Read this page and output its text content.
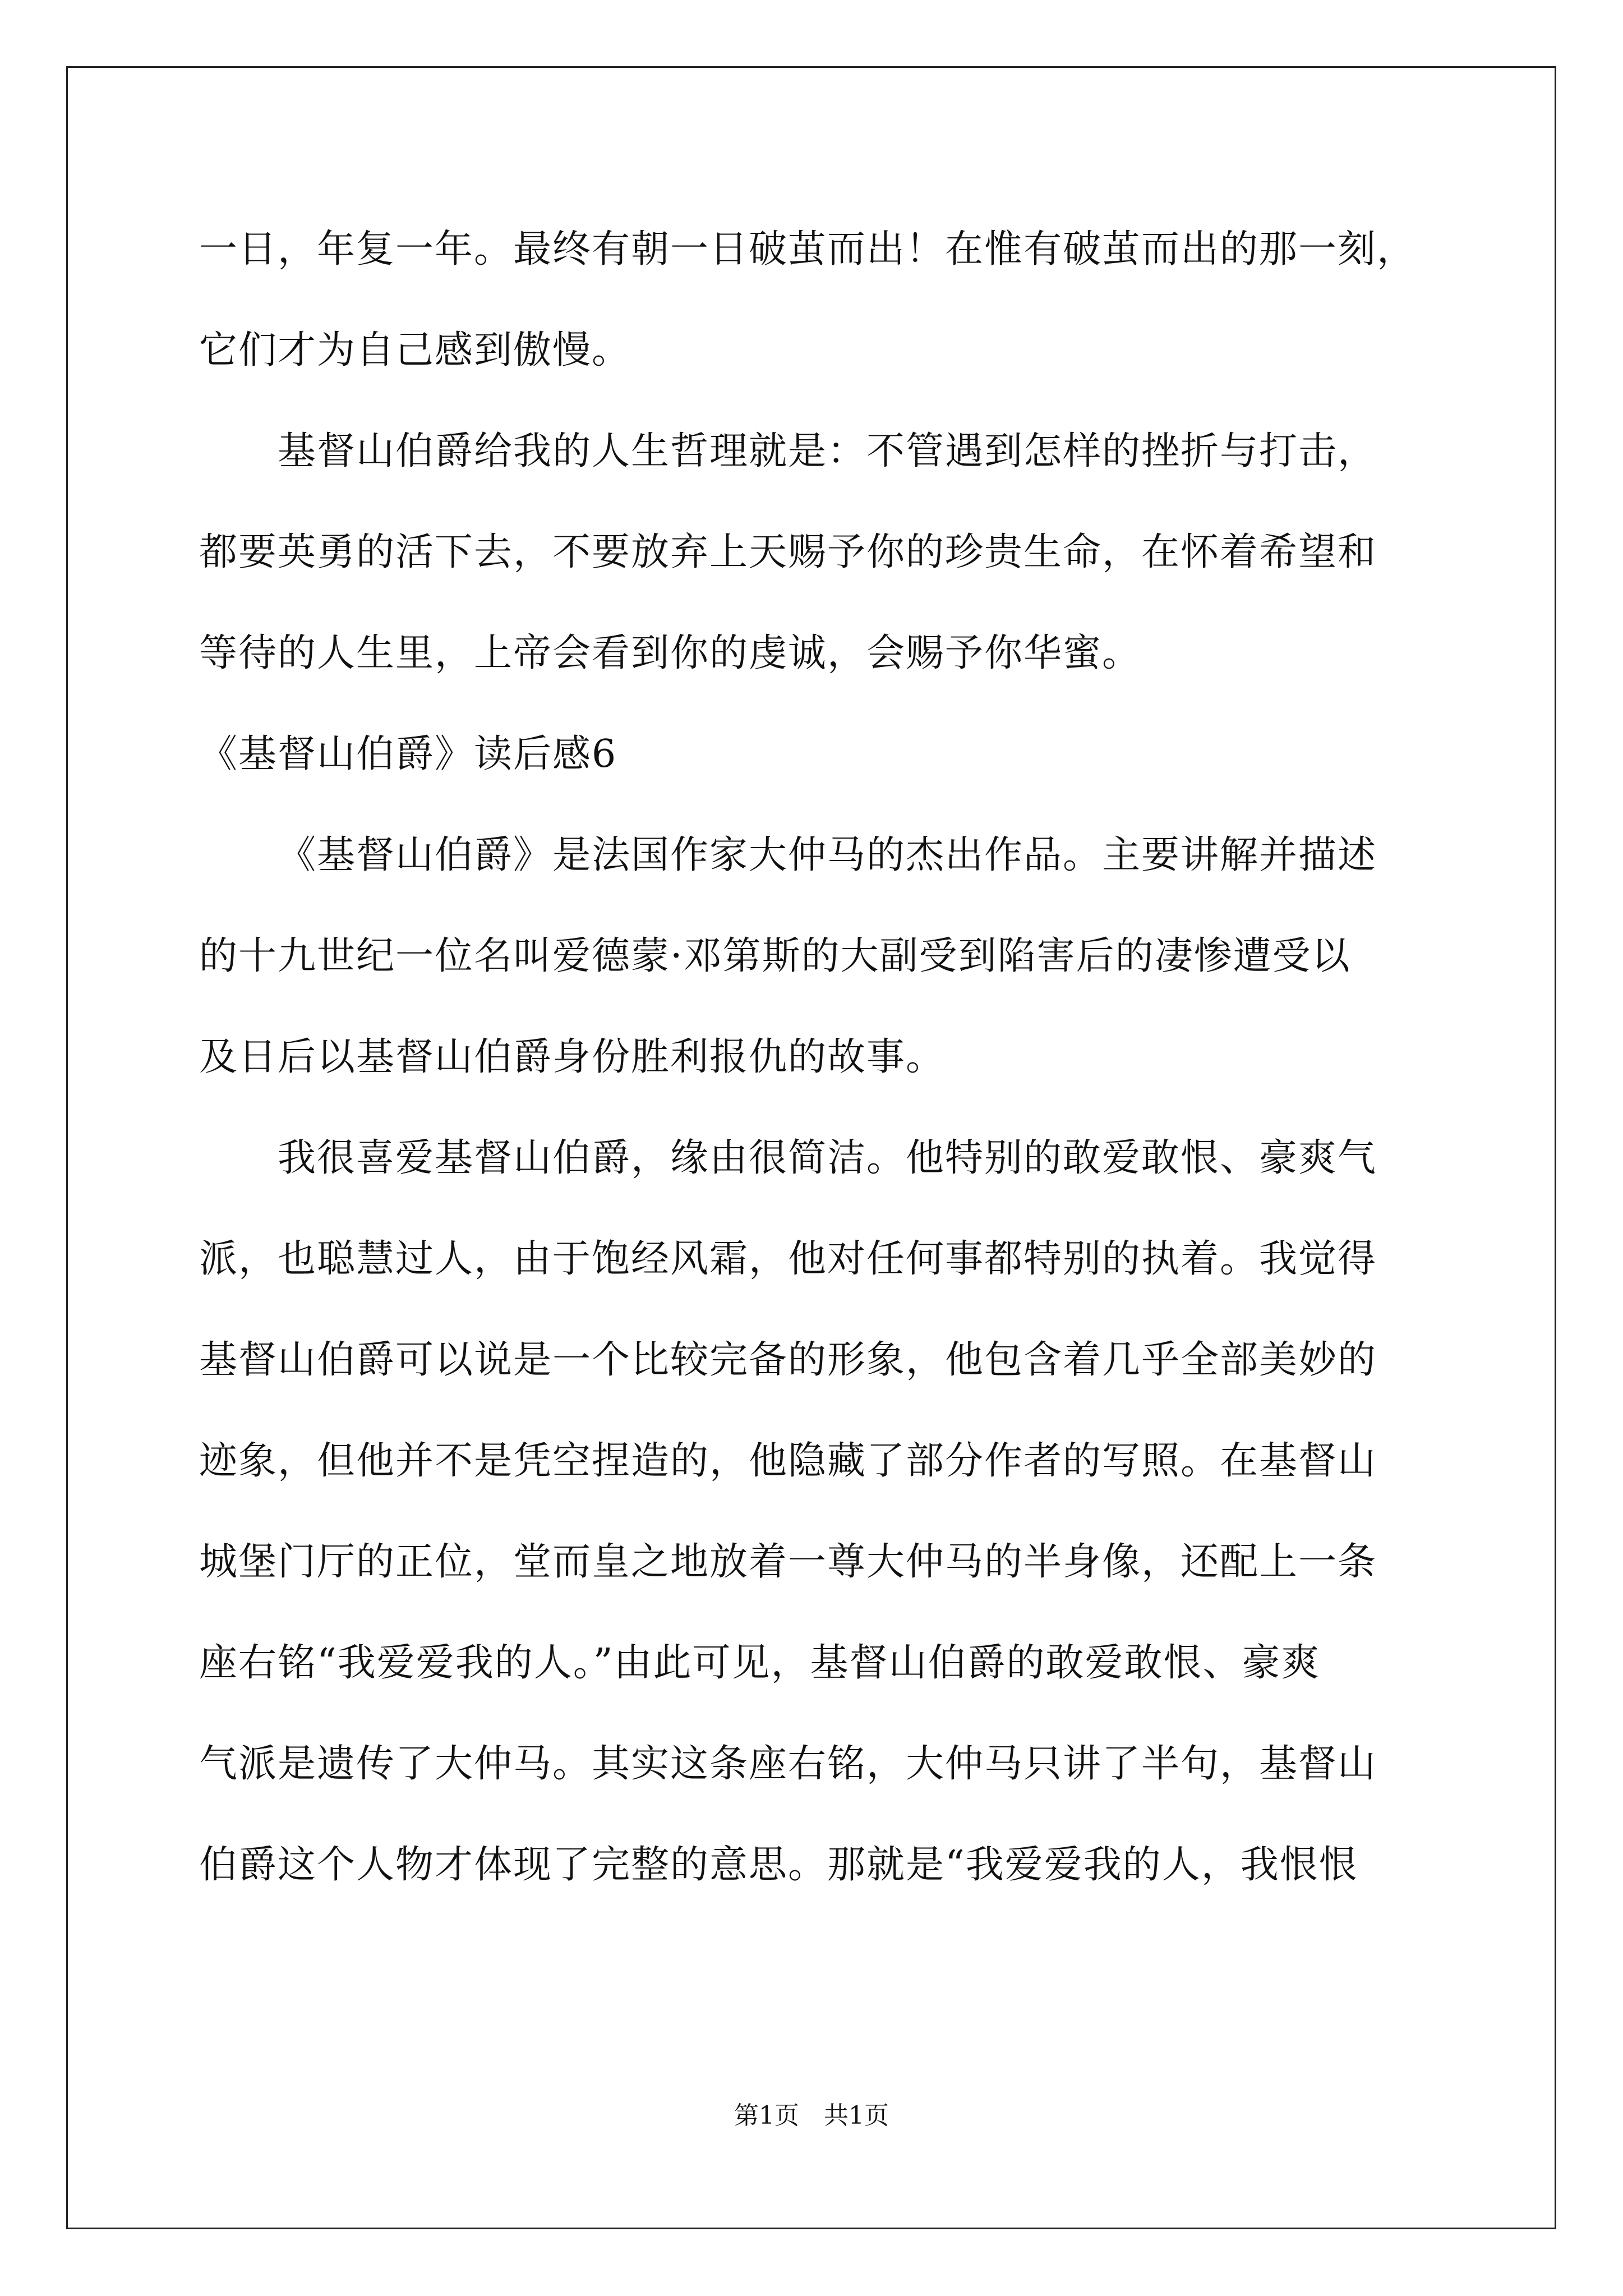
一日，年复一年。最终有朝一日破茧而出！在惟有破茧而出的那一刻，
它们才为自己感到傲慢。
基督山伯爵给我的人生哲理就是：不管遇到怎样的挫折与打击，
都要英勇的活下去，不要放弃上天赐予你的珍贵生命，在怀着希望和
等待的人生里，上帝会看到你的虔诚，会赐予你华蜜。
《基督山伯爵》读后感6
《基督山伯爵》是法国作家大仲马的杰出作品。主要讲解并描述
的十九世纪一位名叫爱德蒙·邓第斯的大副受到陷害后的凄惨遭受以
及日后以基督山伯爵身份胜利报仇的故事。
我很喜爱基督山伯爵，缘由很简洁。他特别的敢爱敢恨、豪爽气
派，也聪慧过人，由于饱经风霜，他对任何事都特别的执着。我觉得
基督山伯爵可以说是一个比较完备的形象，他包含着几乎全部美妙的
迹象，但他并不是凭空捏造的，他隐藏了部分作者的写照。在基督山
城堡门厅的正位，堂而皇之地放着一尊大仲马的半身像，还配上一条
座右铭“我爱爱我的人。”由此可见，基督山伯爵的敢爱敢恨、豪爽
气派是遗传了大仲马。其实这条座右铭，大仲马只讲了半句，基督山
伯爵这个人物才体现了完整的意思。那就是“我爱爱我的人，我恨恨
第1页　共1页
